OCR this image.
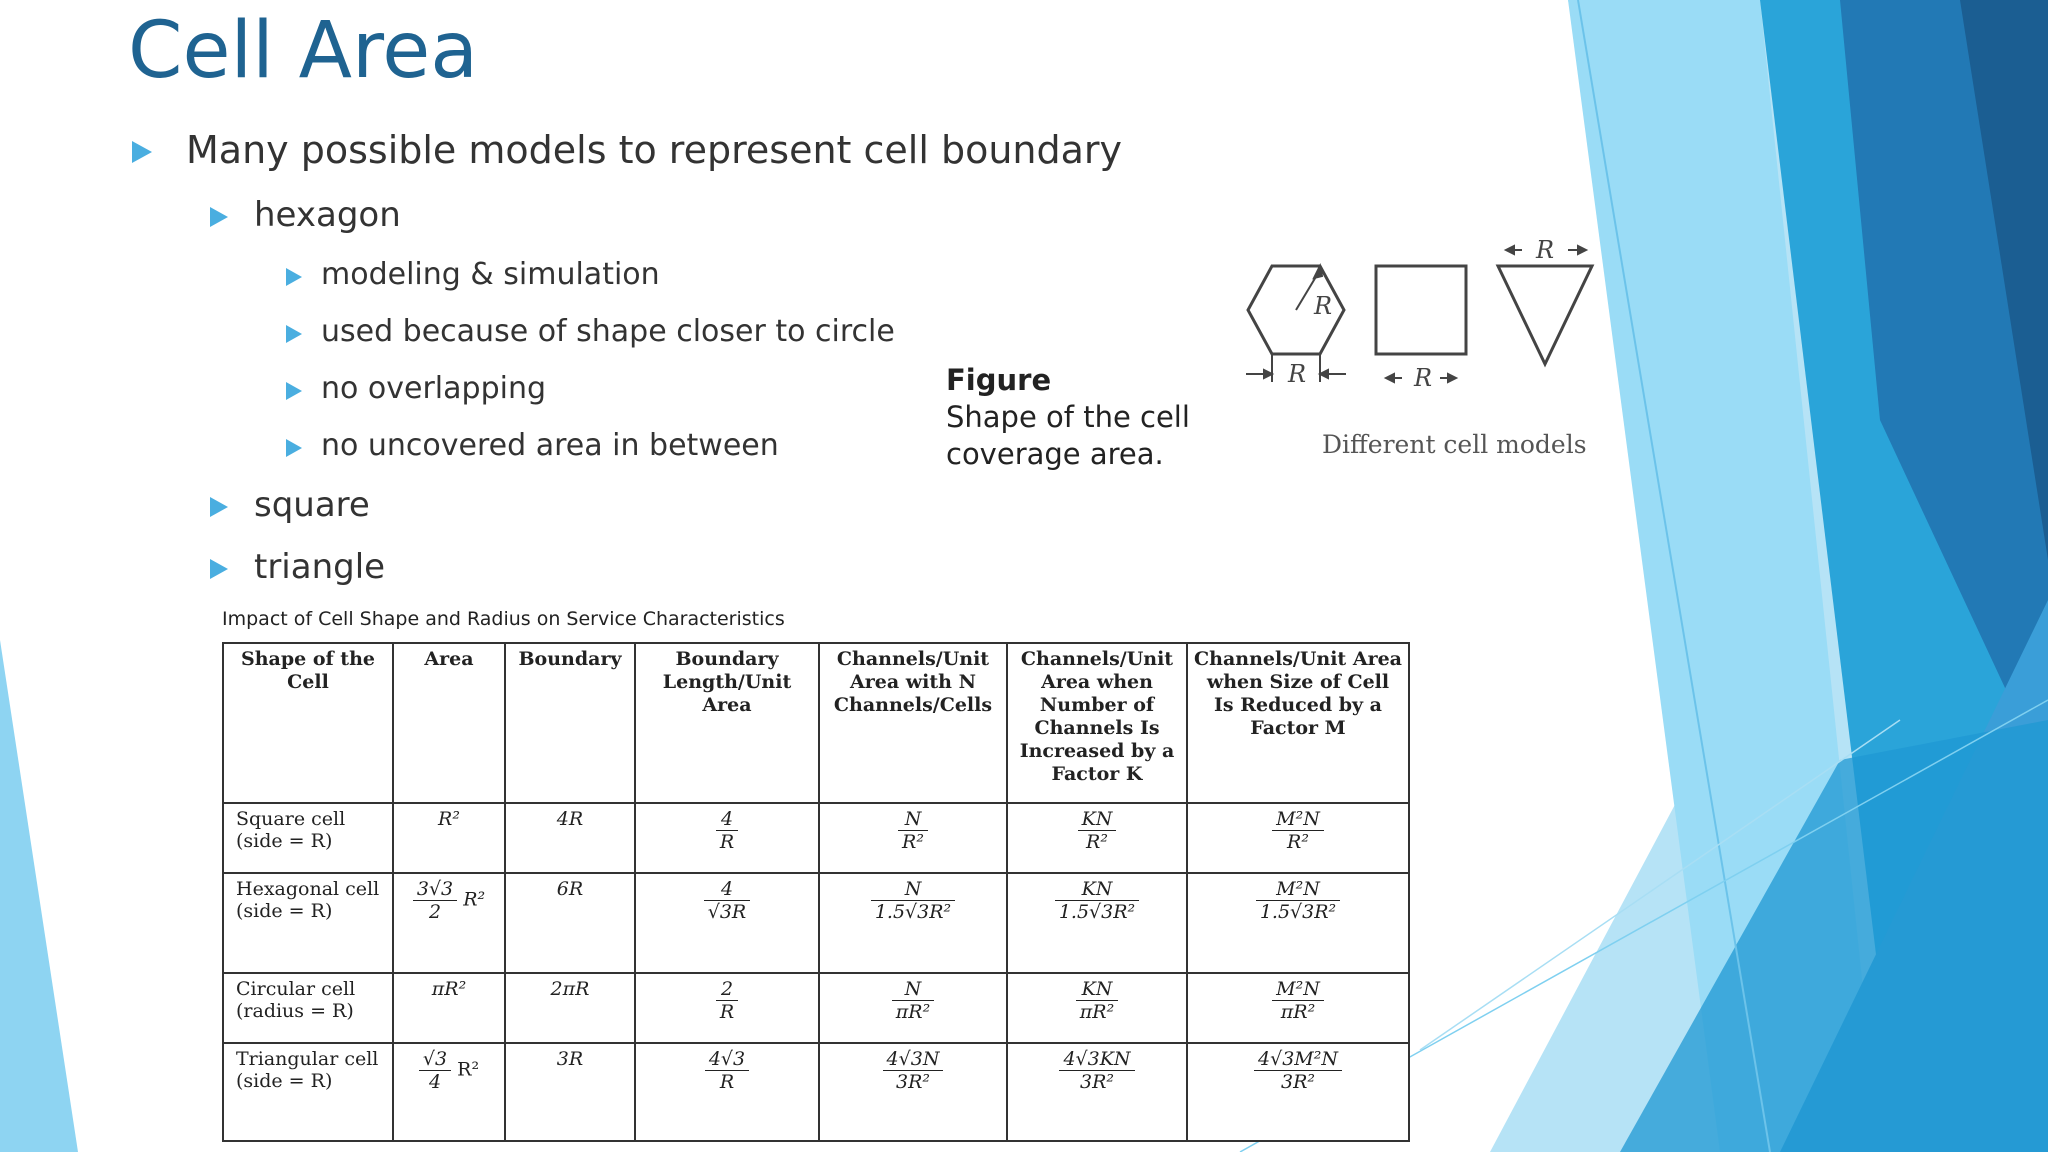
Cell Area
Many possible models to represent cell boundary
hexagon
modeling & simulation
used because of shape closer to circle
no overlapping
no uncovered area in between
square
triangle
Figure
Shape of the cell
coverage area.
R
R	R
R
Different cell models
Impact of Cell Shape and Radius on Service Characteristics
Shape of the Cell	Area	Boundary	Boundary Length/Unit Area	Channels/Unit Area with N Channels/Cells	Channels/Unit Area when Number of Channels Is Increased by a Factor K	Channels/Unit Area when Size of Cell Is Reduced by a Factor M
Square cell (side = R)	R²	4R	$\frac{4}{R}$	$\frac{N}{\text{R²}}$	$\frac{KN}{\text{R²}}$	$\frac{\text{M²N}}{\text{R²}}$

Hexagonal cell (side = R)	$\frac{3√3}{2} R^2$	6R	$\frac{4}{√3R}$	$\frac{N}{\text{1.5√3R²}}$	$\frac{KN}{\text{1.5√3R²}}$	$\frac{\text{M²N}}{\text{1.5√3R²}}$

Circular cell (radius = R)	πR²	2πR	$\frac{2}{R}$	$\frac{N}{\text{πR²}}$	$\frac{KN}{\text{πR²}}$	$\frac{\text{M²N}}{\text{πR²}}$

Triangular cell (side = R)	$\frac{√3}{4} R^2$	3R	$\frac{4√3}{R}$	$\frac{4√3N}{\text{3R²}}$	$\frac{4√3KN}{\text{3R²}}$	$\frac{\text{4√3M²N}}{\text{3R²}}$
